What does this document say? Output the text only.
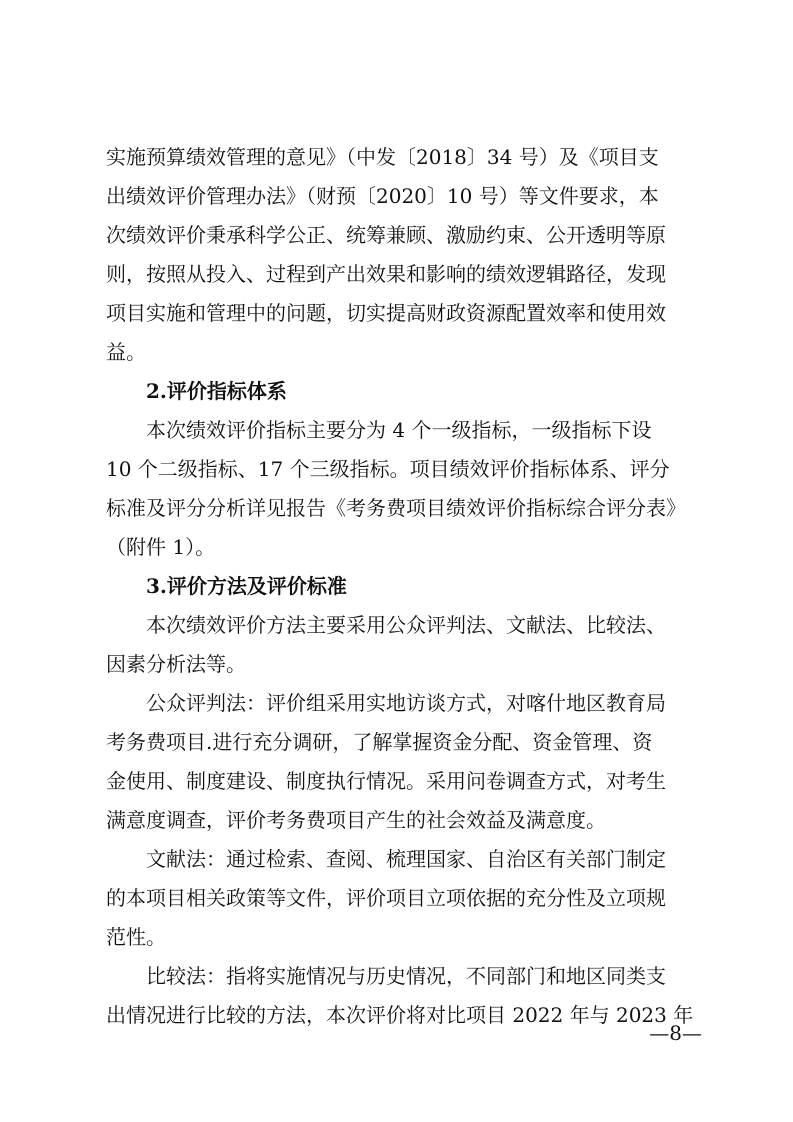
实施预算绩效管理的意见》（中发〔2018〕34 号）及《项目支
出绩效评价管理办法》（财预〔2020〕10 号）等文件要求，本
次绩效评价秉承科学公正、统筹兼顾、激励约束、公开透明等原
则，按照从投入、过程到产出效果和影响的绩效逻辑路径，发现
项目实施和管理中的问题，切实提高财政资源配置效率和使用效
益。
2.评价指标体系
本次绩效评价指标主要分为 4 个一级指标，一级指标下设
10 个二级指标、17 个三级指标。项目绩效评价指标体系、评分
标准及评分分析详见报告《考务费项目绩效评价指标综合评分表》
（附件 1）。
3.评价方法及评价标准
本次绩效评价方法主要采用公众评判法、文献法、比较法、
因素分析法等。
公众评判法：评价组采用实地访谈方式，对喀什地区教育局
考务费项目.进行充分调研，了解掌握资金分配、资金管理、资
金使用、制度建设、制度执行情况。采用问卷调查方式，对考生
满意度调查，评价考务费项目产生的社会效益及满意度。
文献法：通过检索、查阅、梳理国家、自治区有关部门制定
的本项目相关政策等文件，评价项目立项依据的充分性及立项规
范性。
比较法：指将实施情况与历史情况，不同部门和地区同类支
出情况进行比较的方法，本次评价将对比项目 2022 年与 2023 年
—8—
